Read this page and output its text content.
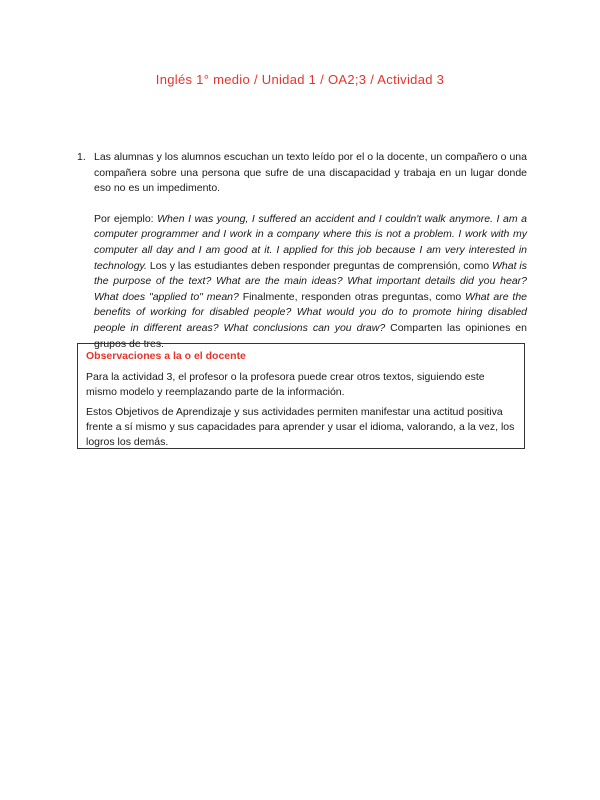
Inglés 1° medio / Unidad 1 / OA2;3 / Actividad 3
1. Las alumnas y los alumnos escuchan un texto leído por el o la docente, un compañero o una compañera sobre una persona que sufre de una discapacidad y trabaja en un lugar donde eso no es un impedimento.

Por ejemplo: When I was young, I suffered an accident and I couldn't walk anymore. I am a computer programmer and I work in a company where this is not a problem. I work with my computer all day and I am good at it. I applied for this job because I am very interested in technology. Los y las estudiantes deben responder preguntas de comprensión, como What is the purpose of the text? What are the main ideas? What important details did you hear? What does "applied to" mean? Finalmente, responden otras preguntas, como What are the benefits of working for disabled people? What would you do to promote hiring disabled people in different areas? What conclusions can you draw? Comparten las opiniones en grupos de tres.

Observaciones a la o el docente

Para la actividad 3, el profesor o la profesora puede crear otros textos, siguiendo este mismo modelo y reemplazando parte de la información.

Estos Objetivos de Aprendizaje y sus actividades permiten manifestar una actitud positiva frente a sí mismo y sus capacidades para aprender y usar el idioma, valorando, a la vez, los logros los demás.
